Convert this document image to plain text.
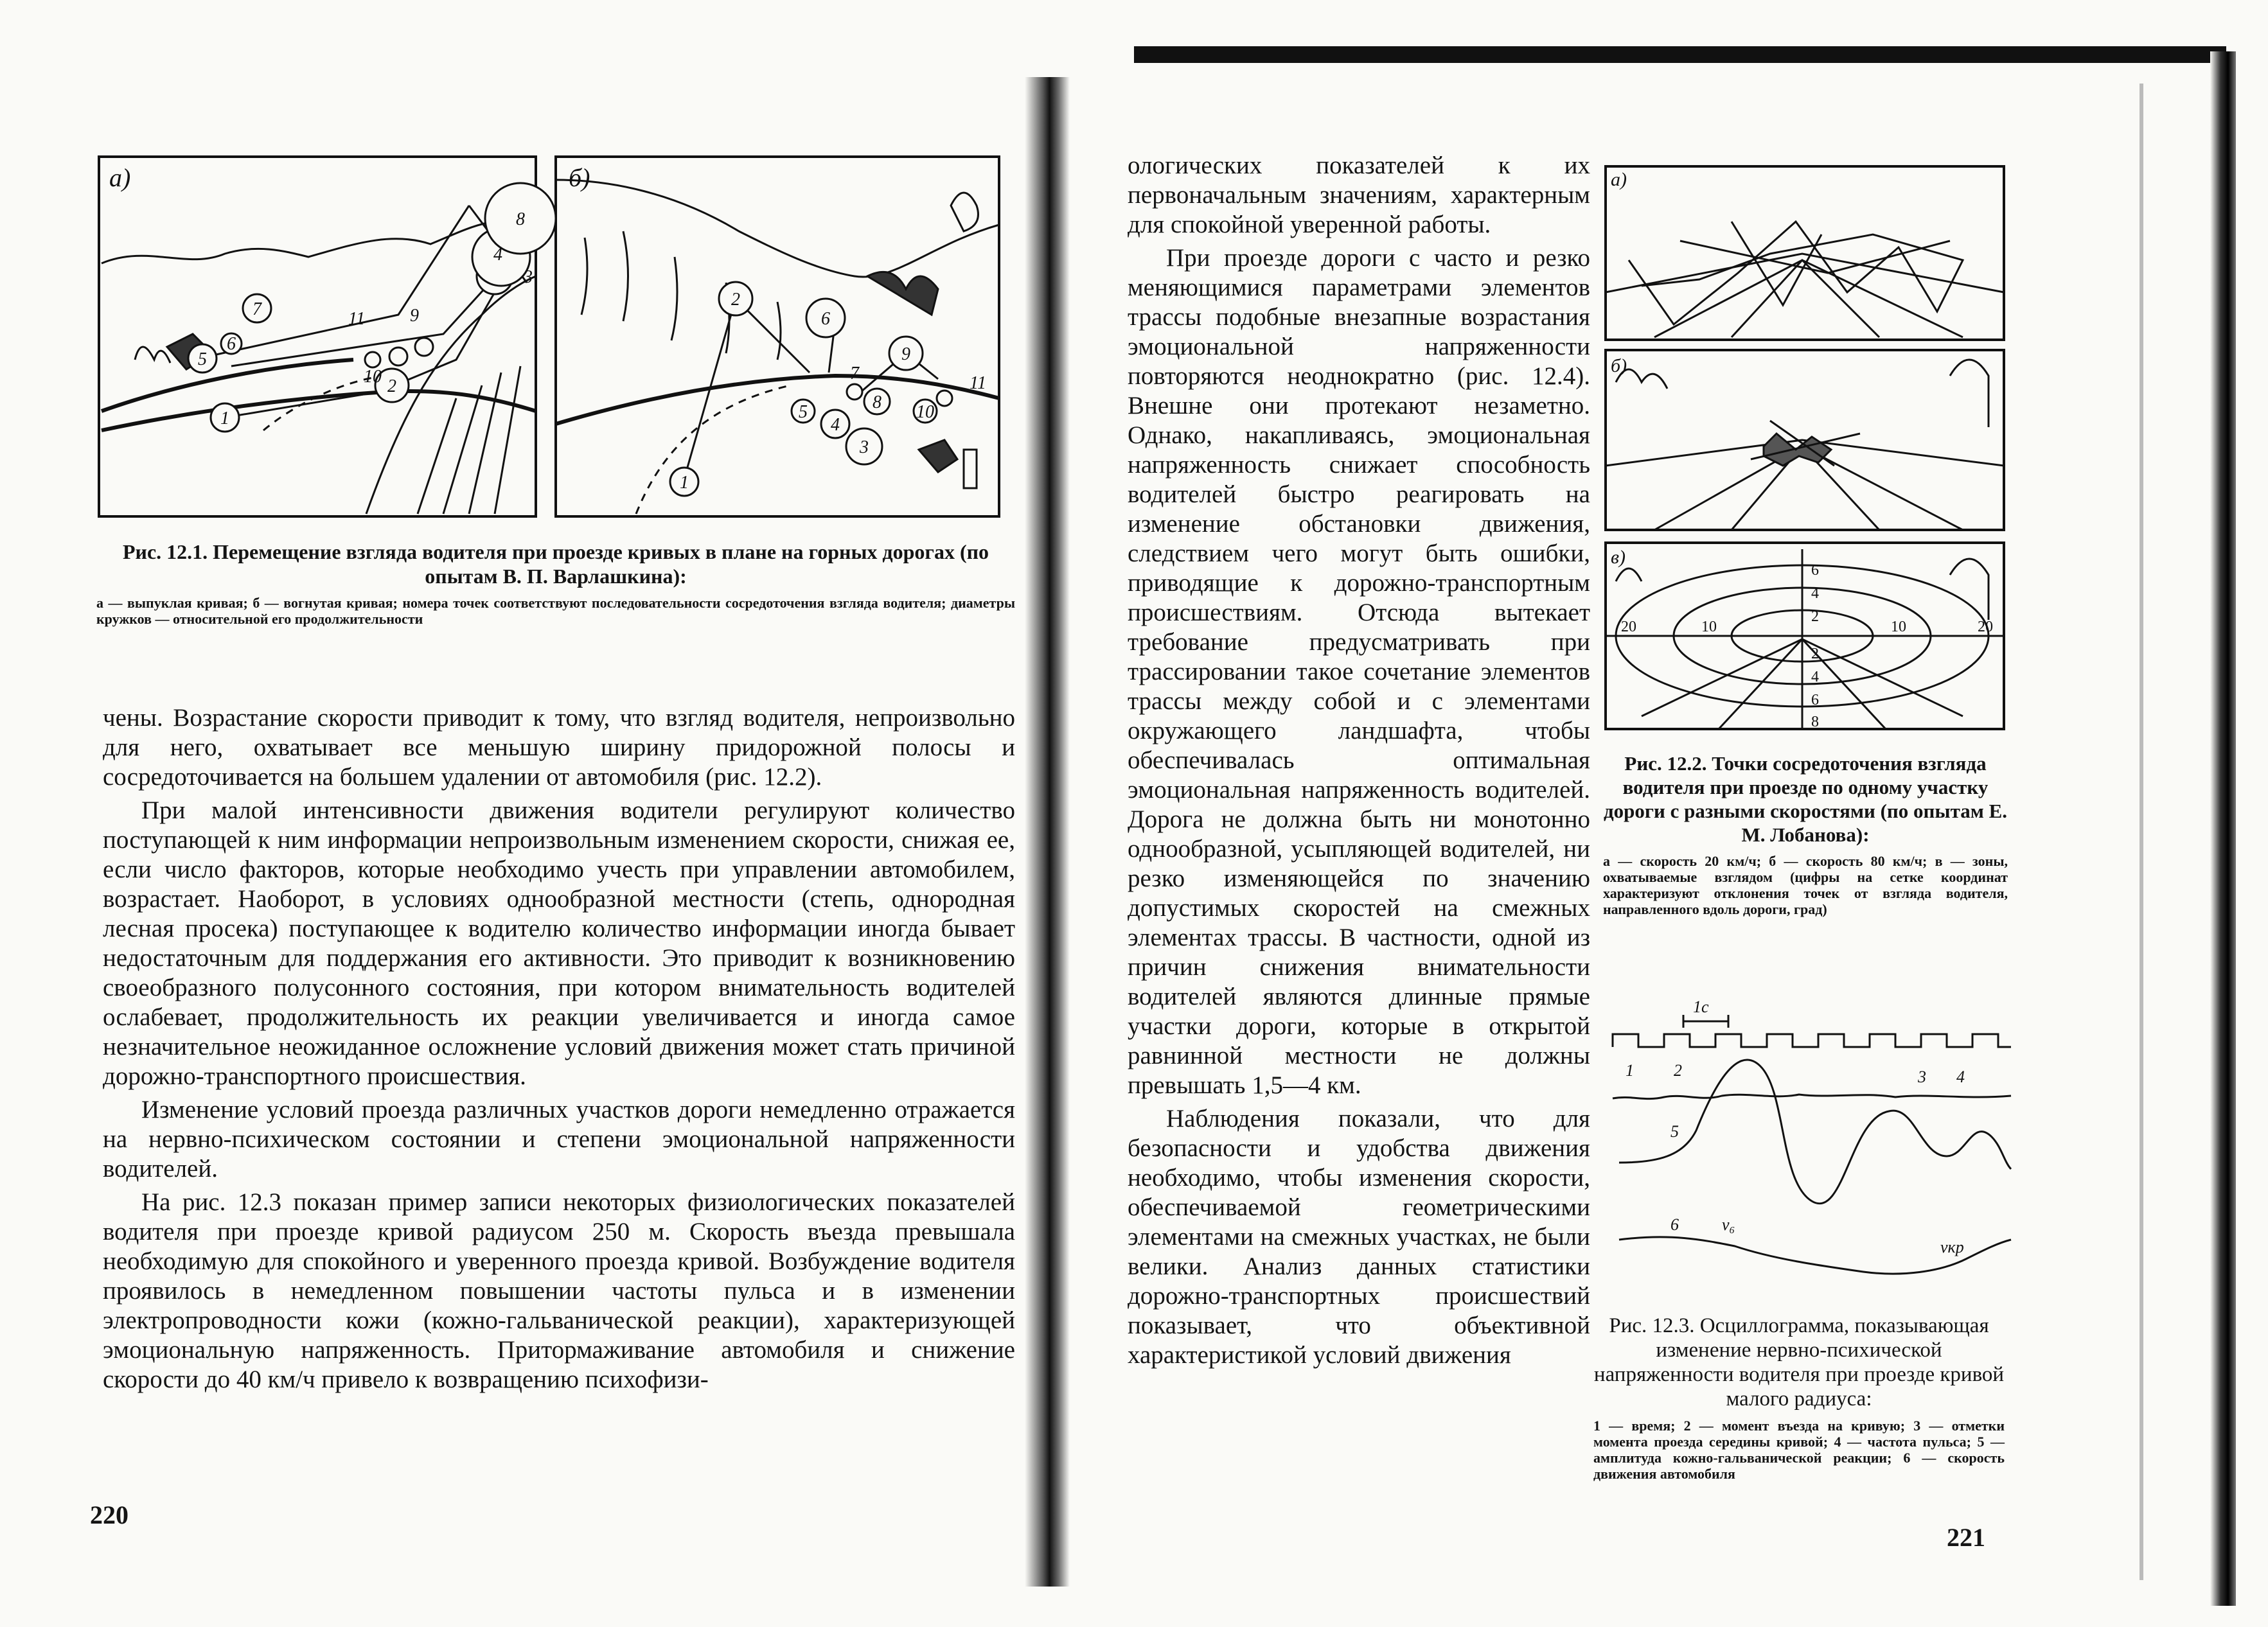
1
2
3
4
5
6
7
8
9
10
11
а)
1
2
3
4
5
6
7
8
9
10
11
б)

Рис. 12.1. Перемещение взгляда водителя при проезде кривых в плане на горных дорогах (по опытам В. П. Варлашкина):

а — выпуклая кривая; б — вогнутая кривая; номера точек соответствуют последовательности сосредоточения взгляда водителя; диаметры кружков — относительной его продолжительности

чены. Возрастание скорости приводит к тому, что взгляд водителя, непроизвольно для него, охватывает все меньшую ширину придорожной полосы и сосредоточивается на большем удалении от автомобиля (рис. 12.2).

При малой интенсивности движения водители регулируют количество поступающей к ним информации непроизвольным изменением скорости, снижая ее, если число факторов, которые необходимо учесть при управлении автомобилем, возрастает. Наоборот, в условиях однообразной местности (степь, однородная лесная просека) поступающее к водителю количество информации иногда бывает недостаточным для поддержания его активности. Это приводит к возникновению своеобразного полусонного состояния, при котором внимательность водителей ослабевает, продолжительность их реакции увеличивается и иногда самое незначительное неожиданное осложнение условий движения может стать причиной дорожно-транспортного происшествия.

Изменение условий проезда различных участков дороги немедленно отражается на нервно-психическом состоянии и степени эмоциональной напряженности водителей.

На рис. 12.3 показан пример записи некоторых физиологических показателей водителя при проезде кривой радиусом 250 м. Скорость въезда превышала необходимую для спокойного и уверенного проезда кривой. Возбуждение водителя проявилось в немедленном повышении частоты пульса и в изменении электропроводности кожи (кожно-гальванической реакции), характеризующей эмоциональную напряженность. Притормаживание автомобиля и снижение скорости до 40 км/ч привело к возвращению психофизи-

220

ологических показателей к их первоначальным значениям, характерным для спокойной уверенной работы.

При проезде дороги с часто и резко меняющимися параметрами элементов трассы подобные внезапные возрастания эмоциональной напряженности повторяются неоднократно (рис. 12.4). Внешне они протекают незаметно. Однако, накапливаясь, эмоциональная напряженность снижает способность водителей быстро реагировать на изменение обстановки движения, следствием чего могут быть ошибки, приводящие к дорожно-транспортным происшествиям. Отсюда вытекает требование предусматривать при трассировании такое сочетание элементов трассы между собой и с элементами окружающего ландшафта, чтобы обеспечивалась оптимальная эмоциональная напряженность водителей. Дорога не должна быть ни монотонно однообразной, усыпляющей водителей, ни резко изменяющейся по значению допустимых скоростей на смежных элементах трассы. В частности, одной из причин снижения внимательности водителей являются длинные прямые участки дороги, которые в открытой равнинной местности не должны превышать 1,5—4 км.

Наблюдения показали, что для безопасности и удобства движения необходимо, чтобы изменения скорости, обеспечиваемой геометрическими элементами на смежных участках, не были велики. Анализ данных статистики дорожно-транспортных происшествий показывает, что объективной характеристикой условий движения

а)
б)
6
4
2
2
4
6
8
20	10	10	20
в)

Рис. 12.2. Точки сосредоточения взгляда водителя при проезде по одному участку дороги с разными скоростями (по опытам Е. М. Лобанова):

а — скорость 20 км/ч; б — скорость 80 км/ч; в — зоны, охватываемые взглядом (цифры на сетке координат характеризуют отклонения точек от взгляда водителя, направленного вдоль дороги, град)

1с
1 2	3 4
5
6	v₆
vкр

Рис. 12.3. Осциллограмма, показывающая изменение нервно-психической напряженности водителя при проезде кривой малого радиуса:

1 — время; 2 — момент въезда на кривую; 3 — отметки момента проезда середины кривой; 4 — частота пульса; 5 — амплитуда кожно-гальванической реакции; 6 — скорость движения автомобиля

221
